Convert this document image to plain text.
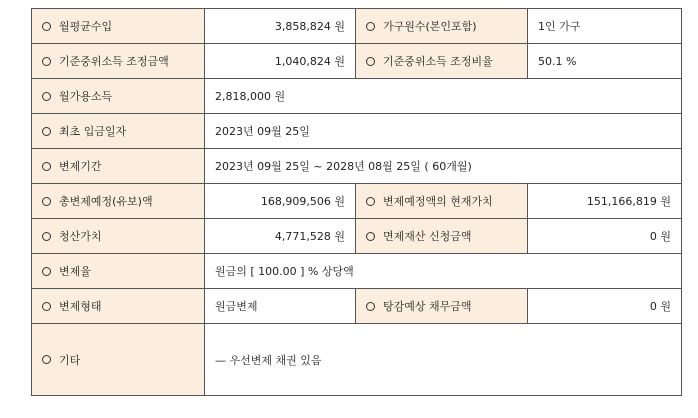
월평균수입	3,858,824 원	가구원수(본인포함)	1인 가구
기준중위소득 조정금액	1,040,824 원	기준중위소득 조정비율	50.1 %
월가용소득	2,818,000 원		
최초 입금일자	2023년 09월 25일		
변제기간	2023년 09월 25일 ~ 2028년 08월 25일 ( 60개월)		
총변제예정(유보)액	168,909,506 원	변제예정액의 현재가치	151,166,819 원
청산가치	4,771,528 원	면제재산 신청금액	0 원
변제율	원금의 [ 100.00 ] % 상당액		
변제형태	원금변제	탕감예상 채무금액	0 원
기타	— 우선변제 채권 있음		
